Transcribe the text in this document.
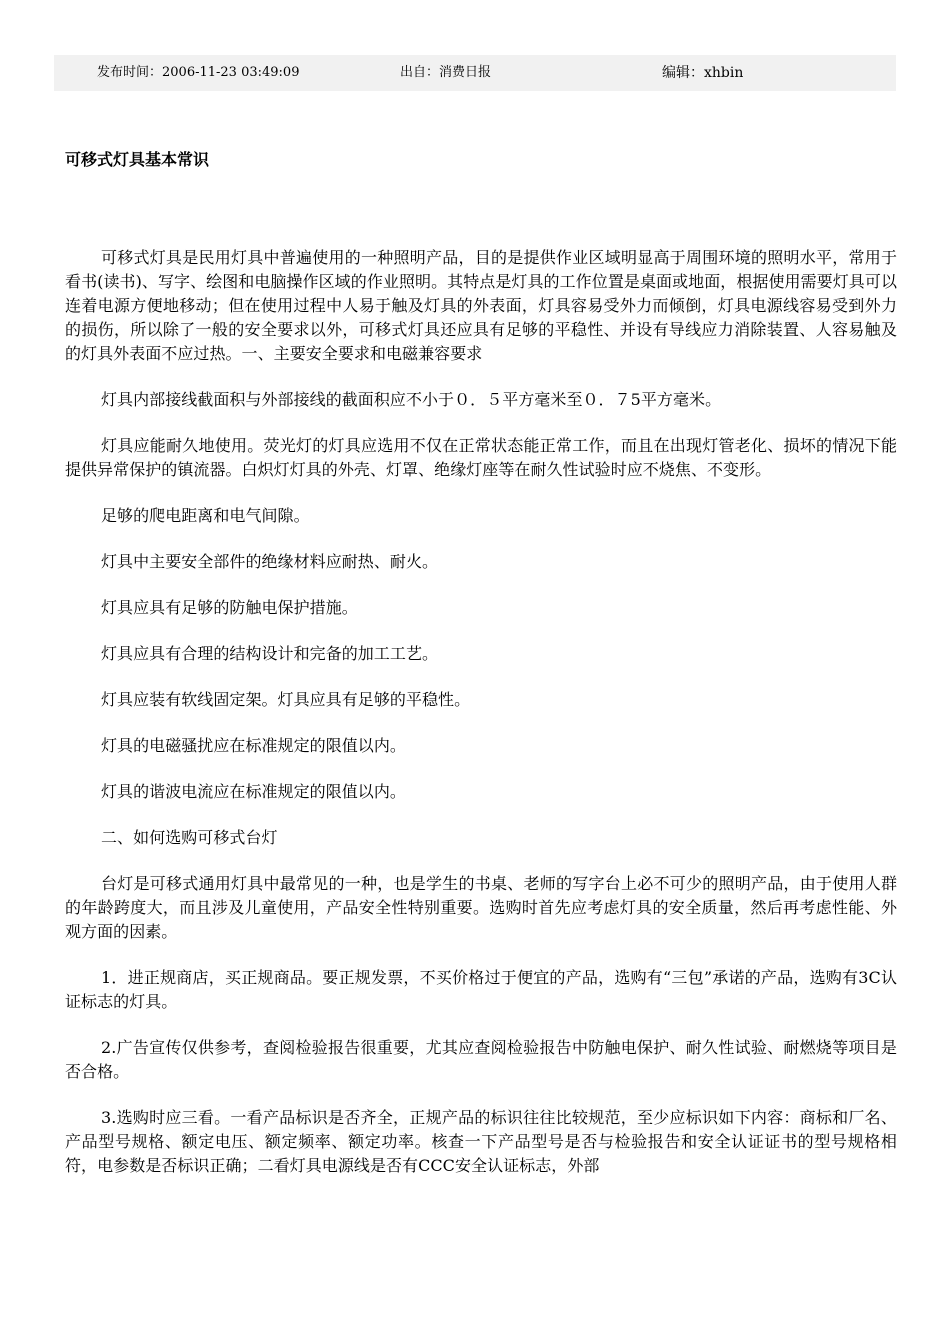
发布时间：2006-11-23 03:49:09	出自：消费日报	编辑：xhbin
可移式灯具基本常识

可移式灯具是民用灯具中普遍使用的一种照明产品，目的是提供作业区域明显高于周围环境的照明水平，常用于看书(读书)、写字、绘图和电脑操作区域的作业照明。其特点是灯具的工作位置是桌面或地面，根据使用需要灯具可以连着电源方便地移动；但在使用过程中人易于触及灯具的外表面，灯具容易受外力而倾倒，灯具电源线容易受到外力的损伤，所以除了一般的安全要求以外，可移式灯具还应具有足够的平稳性、并设有导线应力消除装置、人容易触及的灯具外表面不应过热。一、主要安全要求和电磁兼容要求

灯具内部接线截面积与外部接线的截面积应不小于０．５平方毫米至０．７5平方毫米。

灯具应能耐久地使用。荧光灯的灯具应选用不仅在正常状态能正常工作，而且在出现灯管老化、损坏的情况下能提供异常保护的镇流器。白炽灯灯具的外壳、灯罩、绝缘灯座等在耐久性试验时应不烧焦、不变形。

足够的爬电距离和电气间隙。

灯具中主要安全部件的绝缘材料应耐热、耐火。

灯具应具有足够的防触电保护措施。

灯具应具有合理的结构设计和完备的加工工艺。

灯具应装有软线固定架。灯具应具有足够的平稳性。

灯具的电磁骚扰应在标准规定的限值以内。

灯具的谐波电流应在标准规定的限值以内。

二、如何选购可移式台灯

台灯是可移式通用灯具中最常见的一种，也是学生的书桌、老师的写字台上必不可少的照明产品，由于使用人群的年龄跨度大，而且涉及儿童使用，产品安全性特别重要。选购时首先应考虑灯具的安全质量，然后再考虑性能、外观方面的因素。

1．进正规商店，买正规商品。要正规发票，不买价格过于便宜的产品，选购有“三包”承诺的产品，选购有3C认证标志的灯具。

2.广告宣传仅供参考，查阅检验报告很重要，尤其应查阅检验报告中防触电保护、耐久性试验、耐燃烧等项目是否合格。

3.选购时应三看。一看产品标识是否齐全，正规产品的标识往往比较规范，至少应标识如下内容：商标和厂名、产品型号规格、额定电压、额定频率、额定功率。核查一下产品型号是否与检验报告和安全认证证书的型号规格相符，电参数是否标识正确；二看灯具电源线是否有CCC安全认证标志，外部
